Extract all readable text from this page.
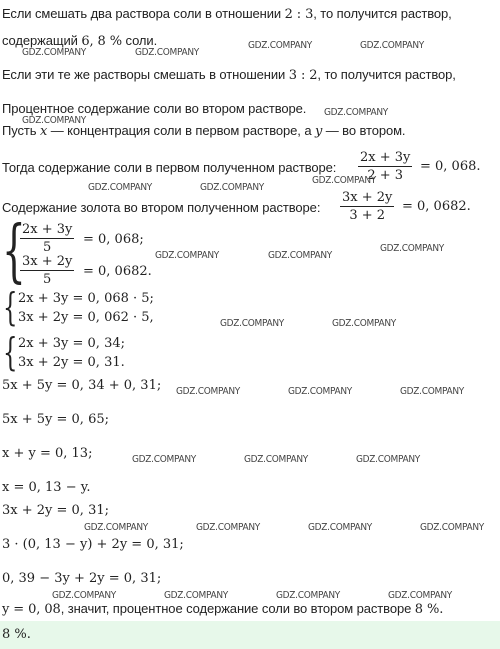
Если смешать два раствора соли в отношении 2 : 3, то получится раствор,
содержащий 6, 8 % соли.
Если эти те же растворы смешать в отношении 3 : 2, то получится раствор,
Процентное содержание соли во втором растворе.
Пусть x — концентрация соли в первом растворе, а y — во втором.
Тогда содержание соли в первом полученном растворе: $\frac{2x + 3y}{2 + 3} = 0$, 068.
Содержание золота во втором полученном растворе: $\frac{3x + 2y}{3 + 2} = 0$, 0682.
{
$\frac{2x + 3y}{5} = 0$, 068;
$\frac{3x + 2y}{5} = 0$, 0682.
{ 2x + 3y = 0, 068 · 5;
3x + 2y = 0, 062 · 5,
{ 2x + 3y = 0, 34;
3x + 2y = 0, 31.
5x + 5y = 0, 34 + 0, 31;
5x + 5y = 0, 65;
x + y = 0, 13;
x = 0, 13 − y.
3x + 2y = 0, 31;
3 · (0, 13 − y) + 2y = 0, 31;
0, 39 − 3y + 2y = 0, 31;
y = 0, 08, значит, процентное содержание соли во втором растворе 8 %.
8 %.
GDZ.COMPANY	GDZ.COMPANY
GDZ.COMPANY	GDZ.COMPANY
GDZ.COMPANY
GDZ.COMPANY
GDZ.COMPANY
GDZ.COMPANY	GDZ.COMPANY
GDZ.COMPANY
GDZ.COMPANY	GDZ.COMPANY
GDZ.COMPANY	GDZ.COMPANY
GDZ.COMPANY	GDZ.COMPANY	GDZ.COMPANY
GDZ.COMPANY	GDZ.COMPANY	GDZ.COMPANY
GDZ.COMPANY	GDZ.COMPANY	GDZ.COMPANY	GDZ.COMPANY
GDZ.COMPANY	GDZ.COMPANY	GDZ.COMPANY	GDZ.COMPANY
